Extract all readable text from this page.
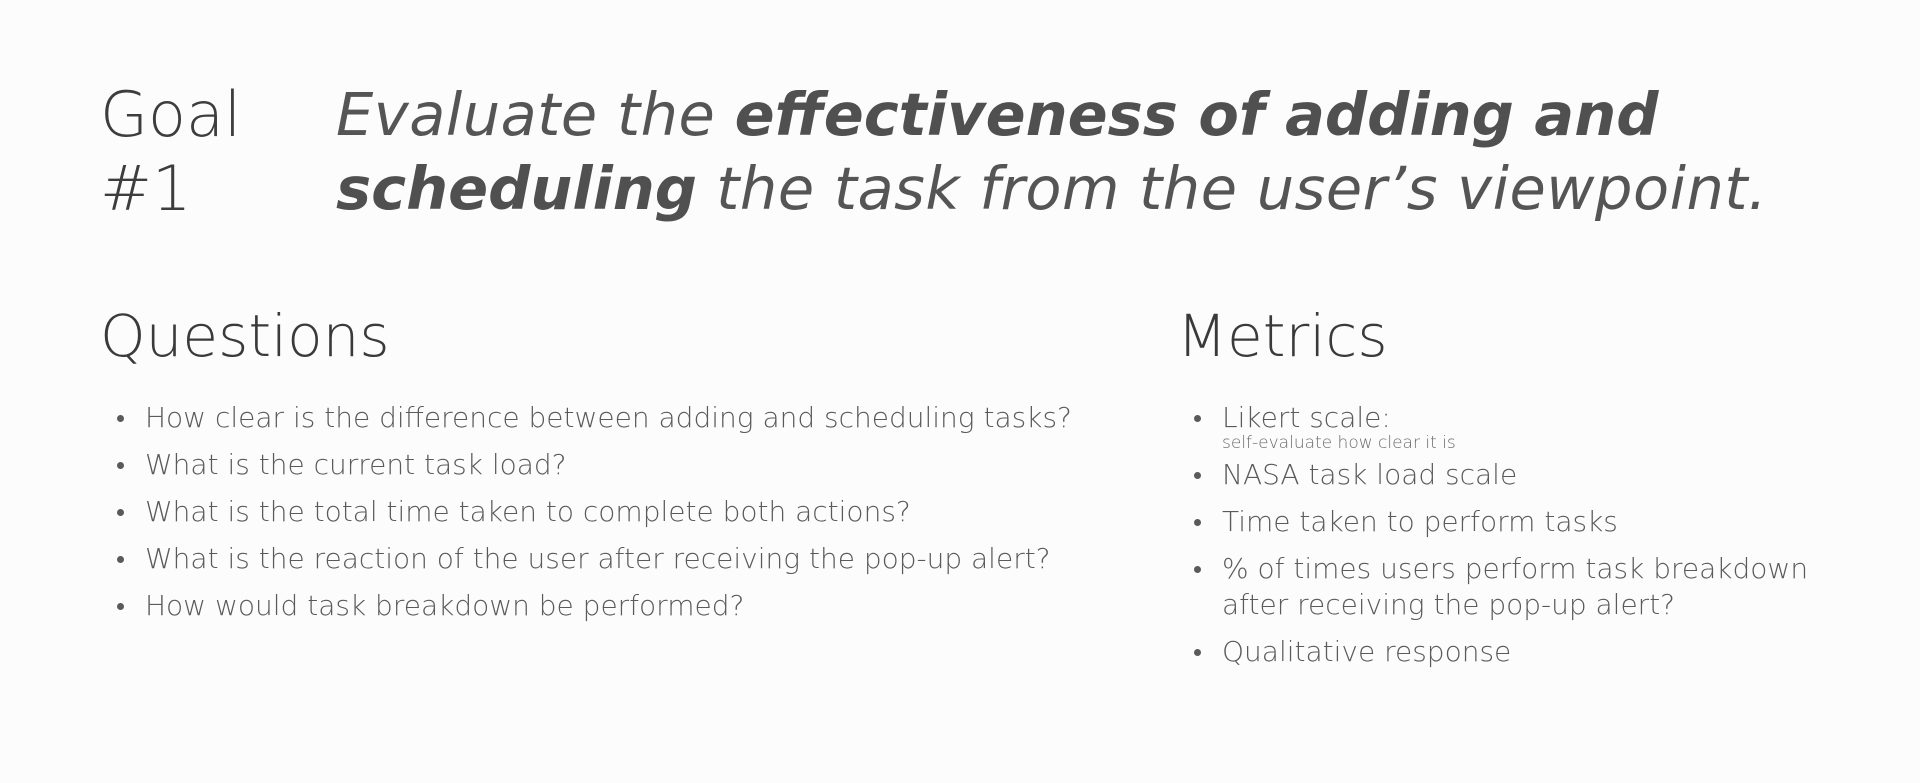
Goal
#1

Evaluate the effectiveness of adding and scheduling the task from the user’s viewpoint.

Questions
How clear is the difference between adding and scheduling tasks?
What is the current task load?
What is the total time taken to complete both actions?
What is the reaction of the user after receiving the pop-up alert?
How would task breakdown be performed?
Metrics
Likert scale:
self-evaluate how clear it is
NASA task load scale
Time taken to perform tasks
% of times users perform task breakdown after receiving the pop-up alert?
Qualitative response
